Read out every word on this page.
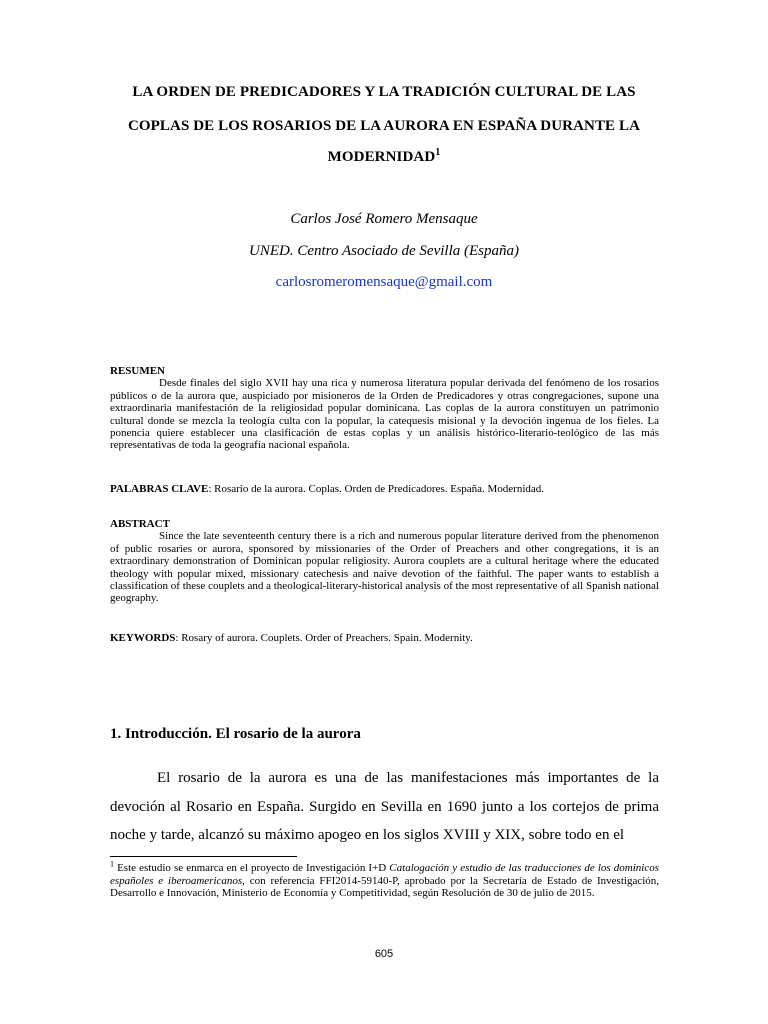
LA ORDEN DE PREDICADORES Y LA TRADICIÓN CULTURAL DE LAS
COPLAS DE LOS ROSARIOS DE LA AURORA EN ESPAÑA DURANTE LA
MODERNIDAD$^1$
Carlos José Romero Mensaque
UNED. Centro Asociado de Sevilla (España)
carlosromeromensaque@gmail.com
RESUMEN
Desde finales del siglo XVII hay una rica y numerosa literatura popular derivada del fenómeno de los rosarios públicos o de la aurora que, auspiciado por misioneros de la Orden de Predicadores y otras congregaciones, supone una extraordinaria manifestación de la religiosidad popular dominicana. Las coplas de la aurora constituyen un patrimonio cultural donde se mezcla la teología culta con la popular, la catequesis misional y la devoción ingenua de los fieles. La ponencia quiere establecer una clasificación de estas coplas y un análisis histórico-literario-teológico de las más representativas de toda la geografía nacional española.
PALABRAS CLAVE: Rosario de la aurora. Coplas. Orden de Predicadores. España. Modernidad.
ABSTRACT
Since the late seventeenth century there is a rich and numerous popular literature derived from the phenomenon of public rosaries or aurora, sponsored by missionaries of the Order of Preachers and other congregations, it is an extraordinary demonstration of Dominican popular religiosity. Aurora couplets are a cultural heritage where the educated theology with popular mixed, missionary catechesis and naive devotion of the faithful. The paper wants to establish a classification of these couplets and a theological-literary-historical analysis of the most representative of all Spanish national geography.
KEYWORDS: Rosary of aurora. Couplets. Order of Preachers. Spain. Modernity.
1. Introducción. El rosario de la aurora
El rosario de la aurora es una de las manifestaciones más importantes de la devoción al Rosario en España. Surgido en Sevilla en 1690 junto a los cortejos de prima noche y tarde, alcanzó su máximo apogeo en los siglos XVIII y XIX, sobre todo en el
$^1$ Este estudio se enmarca en el proyecto de Investigación I+D Catalogación y estudio de las traducciones de los dominicos españoles e iberoamericanos, con referencia FFI2014-59140-P, aprobado por la Secretaría de Estado de Investigación, Desarrollo e Innovación, Ministerio de Economía y Competitividad, según Resolución de 30 de julio de 2015.
605
